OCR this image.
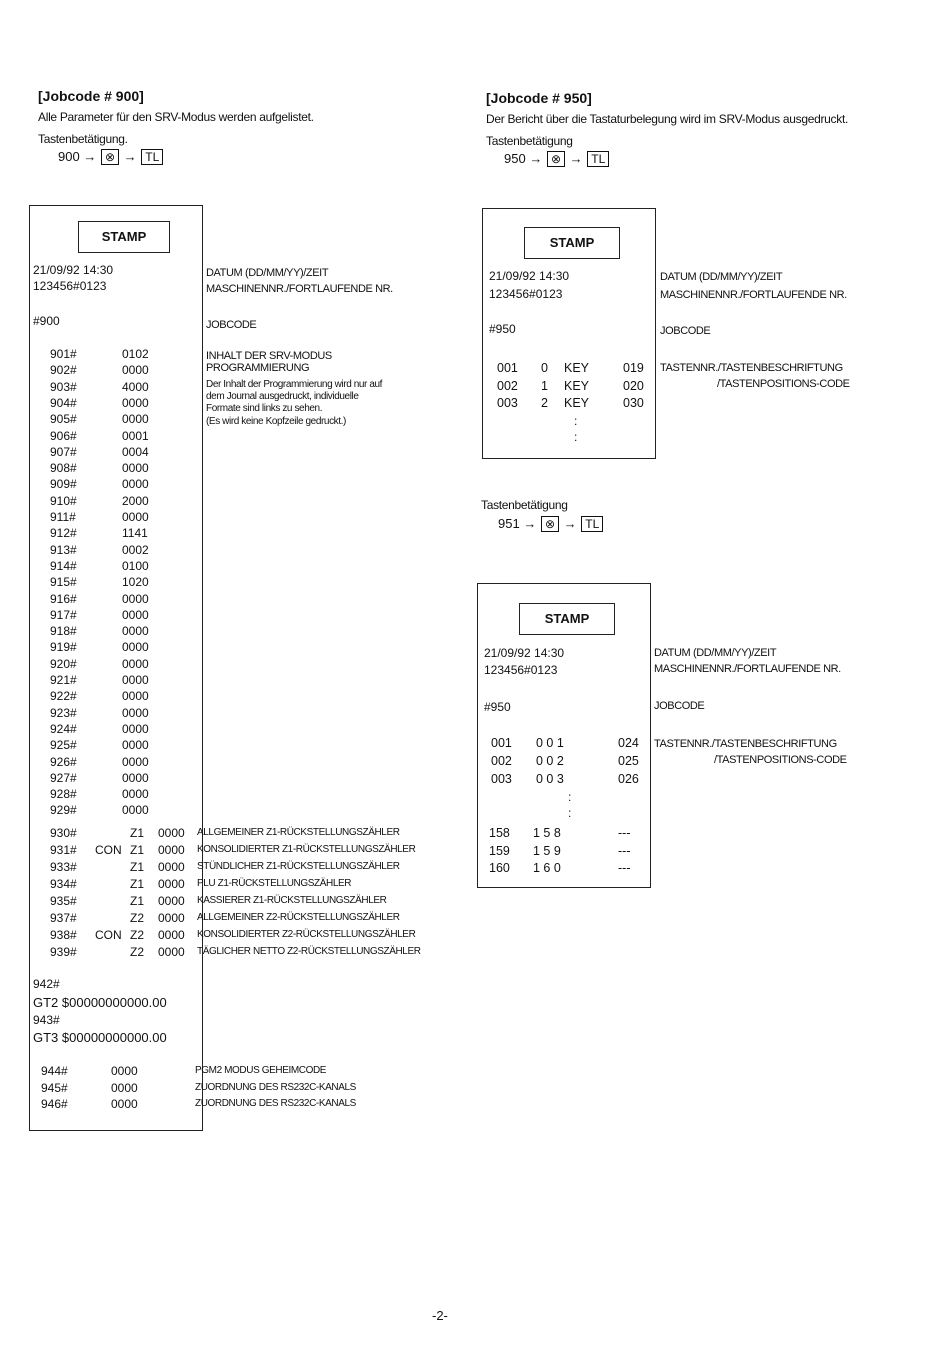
[Jobcode # 900]
Alle Parameter für den SRV-Modus werden aufgelistet.
Tastenbetätigung.
900 → ⊗ → TL
STAMP
21/09/92 14:30
123456#0123
#900
901#	0102
902#	0000
903#	4000
904#	0000
905#	0000
906#	0001
907#	0004
908#	0000
909#	0000
910#	2000
911#	0000
912#	1141
913#	0002
914#	0100
915#	1020
916#	0000
917#	0000
918#	0000
919#	0000
920#	0000
921#	0000
922#	0000
923#	0000
924#	0000
925#	0000
926#	0000
927#	0000
928#	0000
929#	0000
930#	Z1 0000 ALLGEMEINER Z1-RÜCKSTELLUNGSZÄHLER
931# CON Z1 0000 KONSOLIDIERTER Z1-RÜCKSTELLUNGSZÄHLER
933#	Z1 0000 STÜNDLICHER Z1-RÜCKSTELLUNGSZÄHLER
934#	Z1 0000 PLU Z1-RÜCKSTELLUNGSZÄHLER
935#	Z1 0000 KASSIERER Z1-RÜCKSTELLUNGSZÄHLER
937#	Z2 0000 ALLGEMEINER Z2-RÜCKSTELLUNGSZÄHLER
938# CON Z2 0000 KONSOLIDIERTER Z2-RÜCKSTELLUNGSZÄHLER
939#	Z2 0000 TÄGLICHER NETTO Z2-RÜCKSTELLUNGSZÄHLER
942#
GT2 $00000000000.00
943#
GT3 $00000000000.00
944#	0000	PGM2 MODUS GEHEIMCODE
945#	0000	ZUORDNUNG DES RS232C-KANALS
946#	0000	ZUORDNUNG DES RS232C-KANALS
DATUM (DD/MM/YY)/ZEIT
MASCHINENNR./FORTLAUFENDE NR.
JOBCODE
INHALT DER SRV-MODUS
PROGRAMMIERUNG
Der Inhalt der Programmierung wird nur auf
dem Journal ausgedruckt, individuelle
Formate sind links zu sehen.
(Es wird keine Kopfzeile gedruckt.)
[Jobcode # 950]
Der Bericht über die Tastaturbelegung wird im SRV-Modus ausgedruckt.
Tastenbetätigung
950 → ⊗ → TL
STAMP
21/09/92 14:30
123456#0123
#950
001 0 KEY	019
002 1 KEY	020
003 2 KEY	030
:
:
DATUM (DD/MM/YY)/ZEIT
MASCHINENNR./FORTLAUFENDE NR.
JOBCODE
TASTENNR./TASTENBESCHRIFTUNG
/TASTENPOSITIONS-CODE
Tastenbetätigung
951 → ⊗ → TL
STAMP
21/09/92 14:30
123456#0123
#950
001 0 0 1	024
002 0 0 2	025
003 0 0 3	026
:
:
158 1 5 8	---
159 1 5 9	---
160 1 6 0	---
DATUM (DD/MM/YY)/ZEIT
MASCHINENNR./FORTLAUFENDE NR.
JOBCODE
TASTENNR./TASTENBESCHRIFTUNG
/TASTENPOSITIONS-CODE
-2-
